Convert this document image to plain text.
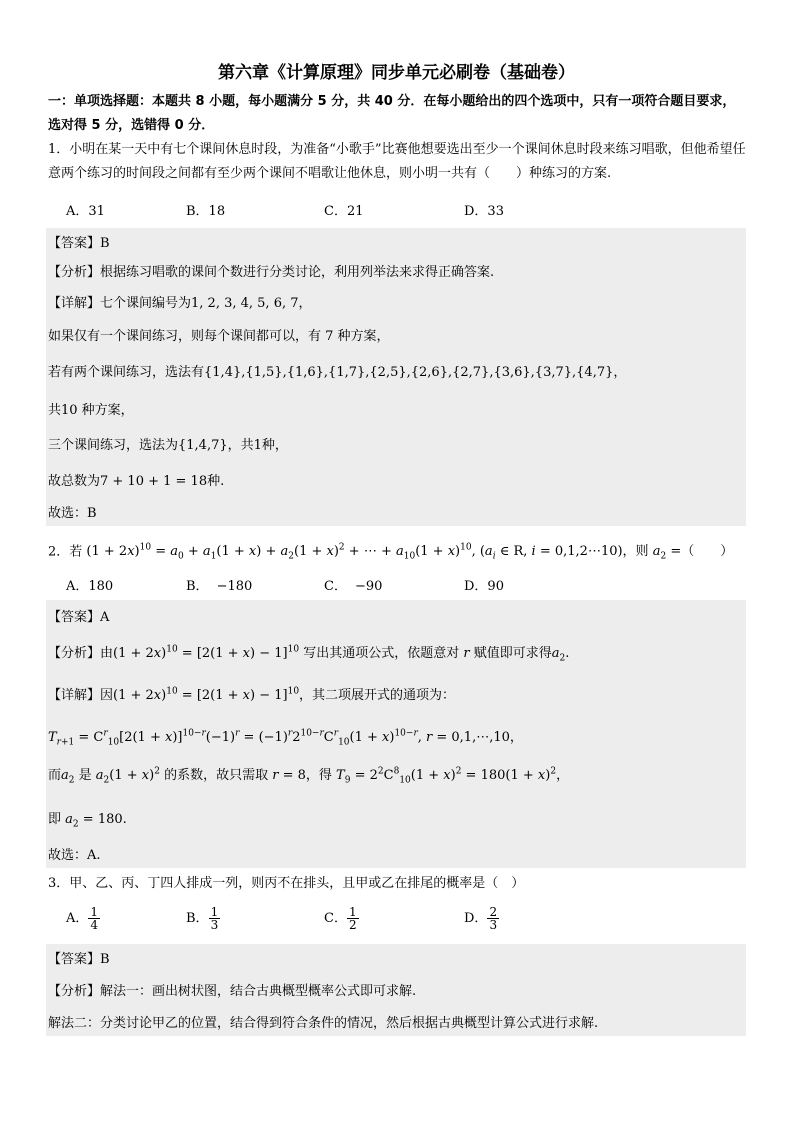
第六章《计算原理》同步单元必刷卷（基础卷）
一：单项选择题：本题共 8 小题，每小题满分 5 分，共 40 分．在每小题给出的四个选项中，只有一项符合题目要求，选对得 5 分，选错得 0 分．
1．小明在某一天中有七个课间休息时段，为准备“小歌手”比赛他想要选出至少一个课间休息时段来练习唱歌，但他希望任意两个练习的时间段之间都有至少两个课间不唱歌让他休息，则小明一共有（　　）种练习的方案.
A．31	B．18	C．21	D．33
【答案】B
【分析】根据练习唱歌的课间个数进行分类讨论，利用列举法来求得正确答案.
【详解】七个课间编号为1, 2, 3, 4, 5, 6, 7，
如果仅有一个课间练习，则每个课间都可以，有 7 种方案，
若有两个课间练习，选法有{1,4},{1,5},{1,6},{1,7},{2,5},{2,6},{2,7},{3,6},{3,7},{4,7}，
共10 种方案，
三个课间练习，选法为{1,4,7}，共1种，
故总数为7 + 10 + 1 = 18种.
故选：B
2．若 $(1 + 2x)^{10} = a_0 + a_1(1 + x) + a_2(1 + x)^2$ + ⋯ + $a_{10}(1 + x)^{10}$, ($a_i$ ∈ R, i = 0,1,2⋯10)，则 $a_2$ =（　　）
A．180	B． −180	C． −90	D．90
【答案】A
【分析】由$(1 + 2x)^{10} = [2(1 + x) - 1]^{10}$ 写出其通项公式，依题意对 r 赋值即可求得$a_2$.
【详解】因$(1 + 2x)^{10} = [2(1 + x) - 1]^{10}$，其二项展开式的通项为：
$T_{r+1} = C^r_{10}[2(1 + x)]^{10-r}(-1)^r = (-1)^r2^{10-r}C^r_{10}(1 + x)^{10-r}$, r = 0,1,⋯,10，
而$a_2$ 是 $a_2(1 + x)^2$ 的系数，故只需取 r = 8，得 $T_9 = 2^2C^8_{10}(1 + x)^2 = 180(1 + x)^2$，
即 $a_2 = 180$.
故选：A.
3．甲、乙、丙、丁四人排成一列，则丙不在排头，且甲或乙在排尾的概率是（　）
A． $\frac{1}{4}$	B． $\frac{1}{3}$	C． $\frac{1}{2}$	D． $\frac{2}{3}$
【答案】B
【分析】解法一：画出树状图，结合古典概型概率公式即可求解.
解法二：分类讨论甲乙的位置，结合得到符合条件的情况，然后根据古典概型计算公式进行求解.
